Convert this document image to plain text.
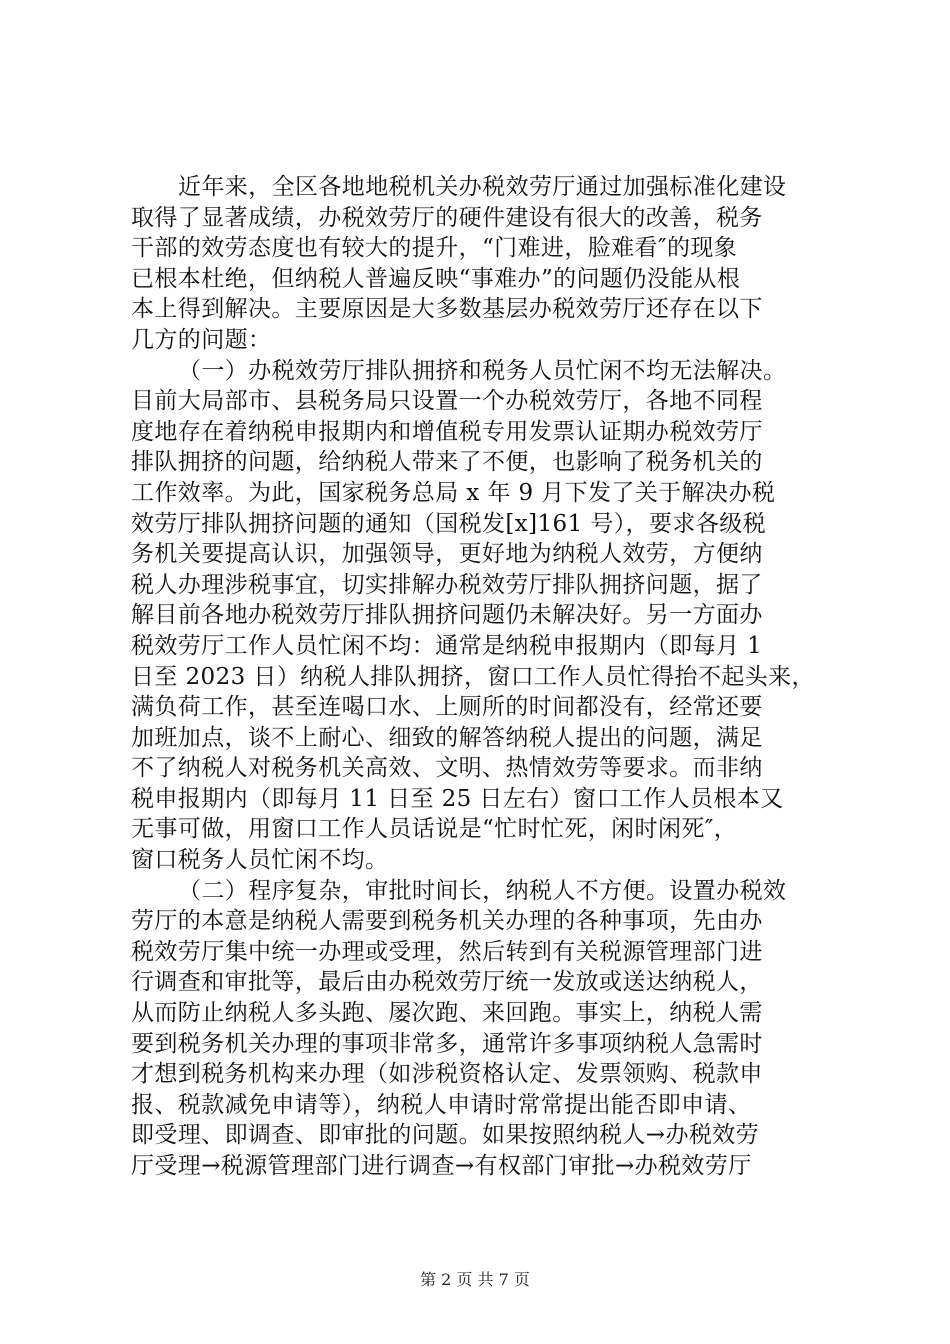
近年来，全区各地地税机关办税效劳厅通过加强标准化建设
取得了显著成绩，办税效劳厅的硬件建设有很大的改善，税务
干部的效劳态度也有较大的提升，“门难进，脸难看″的现象
已根本杜绝，但纳税人普遍反映“事难办”的问题仍没能从根
本上得到解决。主要原因是大多数基层办税效劳厅还存在以下
几方的问题：
（一）办税效劳厅排队拥挤和税务人员忙闲不均无法解决。
目前大局部市、县税务局只设置一个办税效劳厅，各地不同程
度地存在着纳税申报期内和增值税专用发票认证期办税效劳厅
排队拥挤的问题，给纳税人带来了不便，也影响了税务机关的
工作效率。为此，国家税务总局 x 年 9 月下发了关于解决办税
效劳厅排队拥挤问题的通知（国税发[x]161 号），要求各级税
务机关要提高认识，加强领导，更好地为纳税人效劳，方便纳
税人办理涉税事宜，切实排解办税效劳厅排队拥挤问题，据了
解目前各地办税效劳厅排队拥挤问题仍未解决好。另一方面办
税效劳厅工作人员忙闲不均：通常是纳税申报期内（即每月 1
日至 2023 日）纳税人排队拥挤，窗口工作人员忙得抬不起头来，
满负荷工作，甚至连喝口水、上厕所的时间都没有，经常还要
加班加点，谈不上耐心、细致的解答纳税人提出的问题，满足
不了纳税人对税务机关高效、文明、热情效劳等要求。而非纳
税申报期内（即每月 11 日至 25 日左右）窗口工作人员根本又
无事可做，用窗口工作人员话说是“忙时忙死，闲时闲死″，
窗口税务人员忙闲不均。
（二）程序复杂，审批时间长，纳税人不方便。设置办税效
劳厅的本意是纳税人需要到税务机关办理的各种事项，先由办
税效劳厅集中统一办理或受理，然后转到有关税源管理部门进
行调查和审批等，最后由办税效劳厅统一发放或送达纳税人，
从而防止纳税人多头跑、屡次跑、来回跑。事实上，纳税人需
要到税务机关办理的事项非常多，通常许多事项纳税人急需时
才想到税务机构来办理（如涉税资格认定、发票领购、税款申
报、税款减免申请等），纳税人申请时常常提出能否即申请、
即受理、即调查、即审批的问题。如果按照纳税人→办税效劳
厅受理→税源管理部门进行调查→有权部门审批→办税效劳厅
第 2 页 共 7 页
